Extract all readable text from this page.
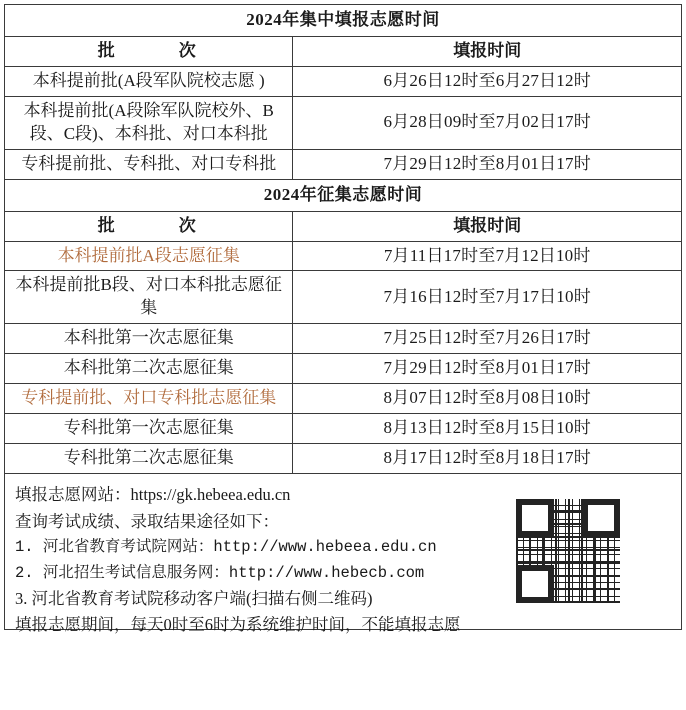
2024年集中填报志愿时间	
批　　次	填报时间
本科提前批(A段军队院校志愿 )	6月26日12时至6月27日12时
本科提前批(A段除军队院校外、B段、C段)、本科批、对口本科批	6月28日09时至7月02日17时
专科提前批、专科批、对口专科批	7月29日12时至8月01日17时
2024年征集志愿时间	
批　　次	填报时间
本科提前批A段志愿征集	7月11日17时至7月12日10时
本科提前批B段、对口本科批志愿征集	7月16日12时至7月17日10时
本科批第一次志愿征集	7月25日12时至7月26日17时
本科批第二次志愿征集	7月29日12时至8月01日17时
专科提前批、对口专科批志愿征集	8月07日12时至8月08日10时
专科批第一次志愿征集	8月13日12时至8月15日10时
专科批第二次志愿征集	8月17日12时至8月18日17时
填报志愿网站：https://gk.hebeea.edu.cn
查询考试成绩、录取结果途径如下：
1. 河北省教育考试院网站：http://www.hebeea.edu.cn
2. 河北招生考试信息服务网：http://www.hebecb.com
3. 河北省教育考试院移动客户端(扫描右侧二维码)
填报志愿期间，每天0时至6时为系统维护时间，不能填报志愿
